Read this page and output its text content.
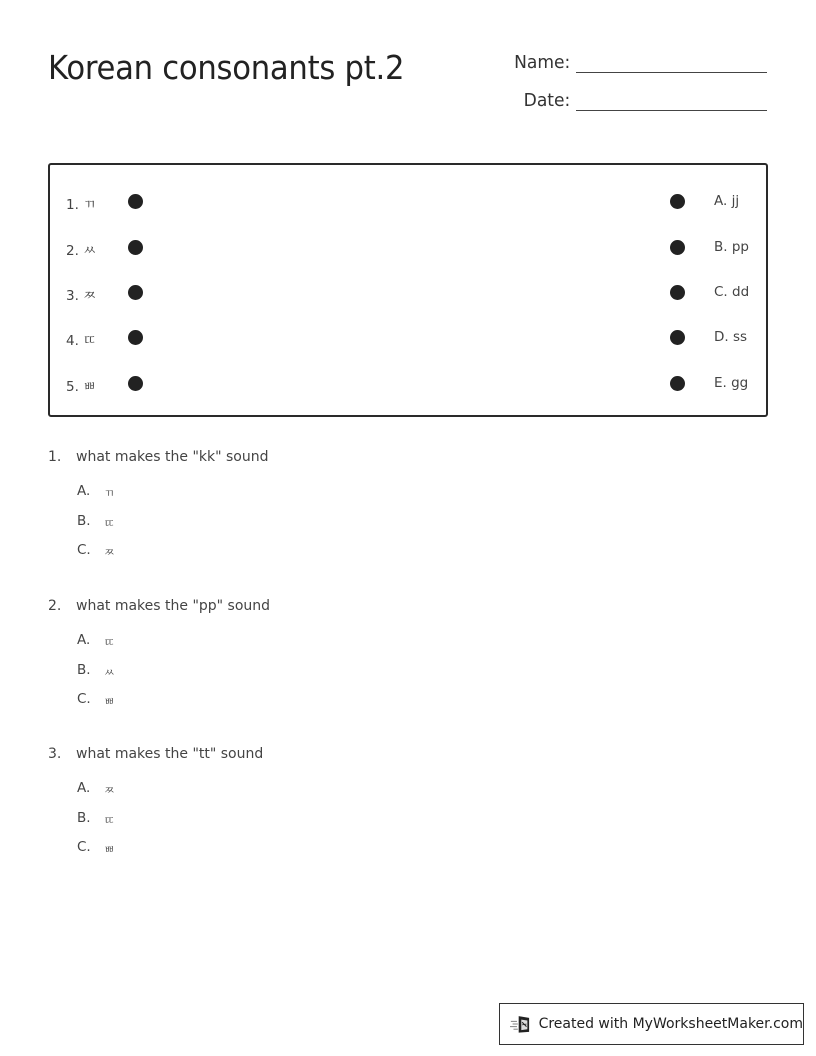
Korean consonants pt.2	Name:
Date:
1. ㄲ	A. jj
2. ㅆ	B. pp
3. ㅉ	C. dd
4. ㄸ	D. ss
5. ㅃ	E. gg
1.	what makes the "kk" sound
A.	ㄲ
B.	ㄸ
C.	ㅉ
2.	what makes the "pp" sound
A.	ㄸ
B.	ㅆ
C.	ㅃ
3.	what makes the "tt" sound
A.	ㅉ
B.	ㄸ
C.	ㅃ
Created with MyWorksheetMaker.com
